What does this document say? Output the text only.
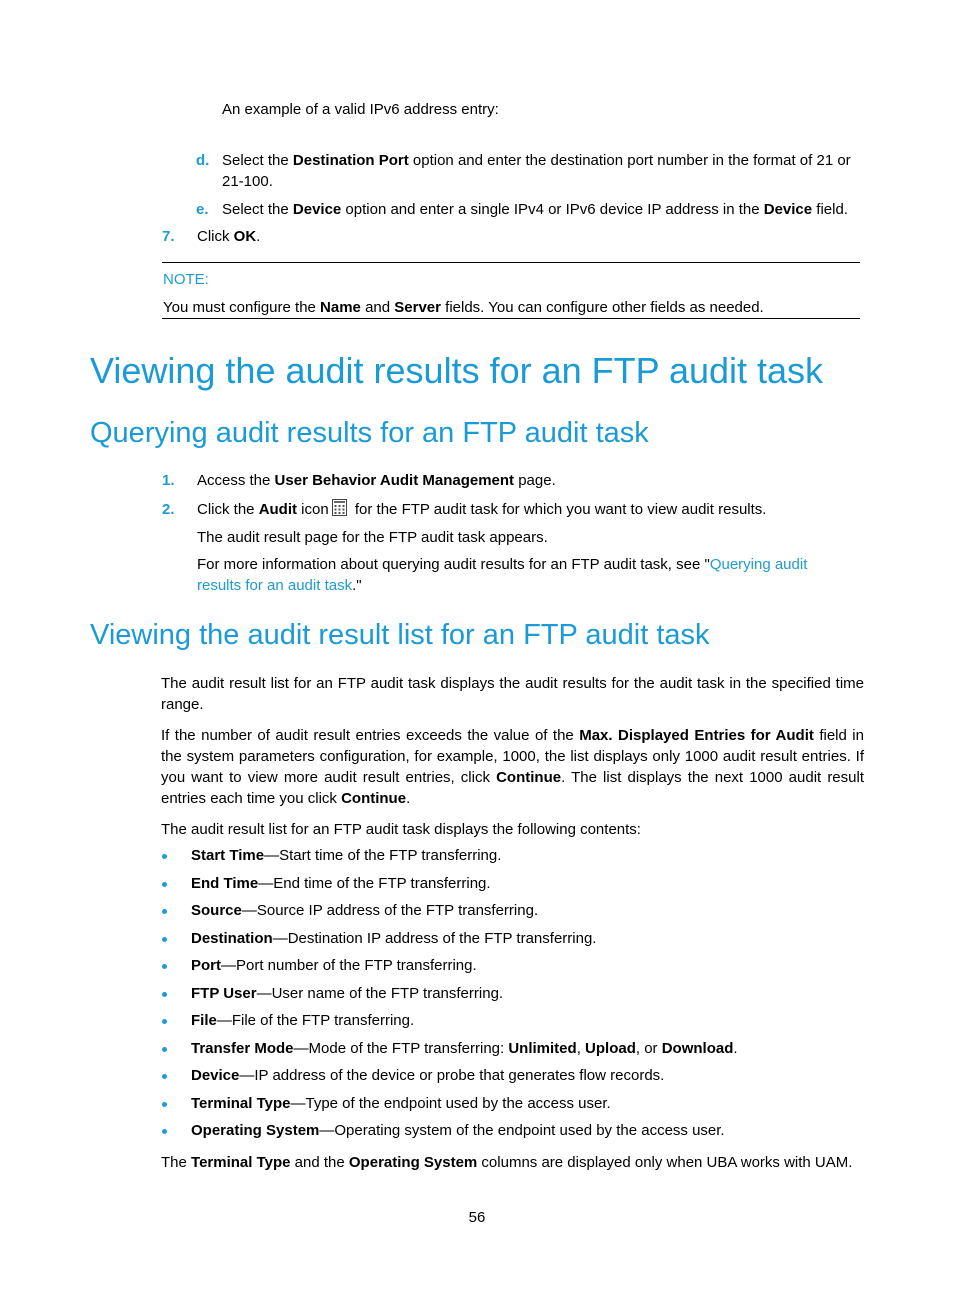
An example of a valid IPv6 address entry:
d. Select the Destination Port option and enter the destination port number in the format of 21 or 21-100.
e. Select the Device option and enter a single IPv4 or IPv6 device IP address in the Device field.
7. Click OK.
NOTE:
You must configure the Name and Server fields. You can configure other fields as needed.
Viewing the audit results for an FTP audit task
Querying audit results for an FTP audit task
1. Access the User Behavior Audit Management page.
2. Click the Audit icon for the FTP audit task for which you want to view audit results.
The audit result page for the FTP audit task appears.
For more information about querying audit results for an FTP audit task, see "Querying audit results for an audit task."
Viewing the audit result list for an FTP audit task
The audit result list for an FTP audit task displays the audit results for the audit task in the specified time range.
If the number of audit result entries exceeds the value of the Max. Displayed Entries for Audit field in the system parameters configuration, for example, 1000, the list displays only 1000 audit result entries. If you want to view more audit result entries, click Continue. The list displays the next 1000 audit result entries each time you click Continue.
The audit result list for an FTP audit task displays the following contents:
Start Time—Start time of the FTP transferring.
End Time—End time of the FTP transferring.
Source—Source IP address of the FTP transferring.
Destination—Destination IP address of the FTP transferring.
Port—Port number of the FTP transferring.
FTP User—User name of the FTP transferring.
File—File of the FTP transferring.
Transfer Mode—Mode of the FTP transferring: Unlimited, Upload, or Download.
Device—IP address of the device or probe that generates flow records.
Terminal Type—Type of the endpoint used by the access user.
Operating System—Operating system of the endpoint used by the access user.
The Terminal Type and the Operating System columns are displayed only when UBA works with UAM.
56
